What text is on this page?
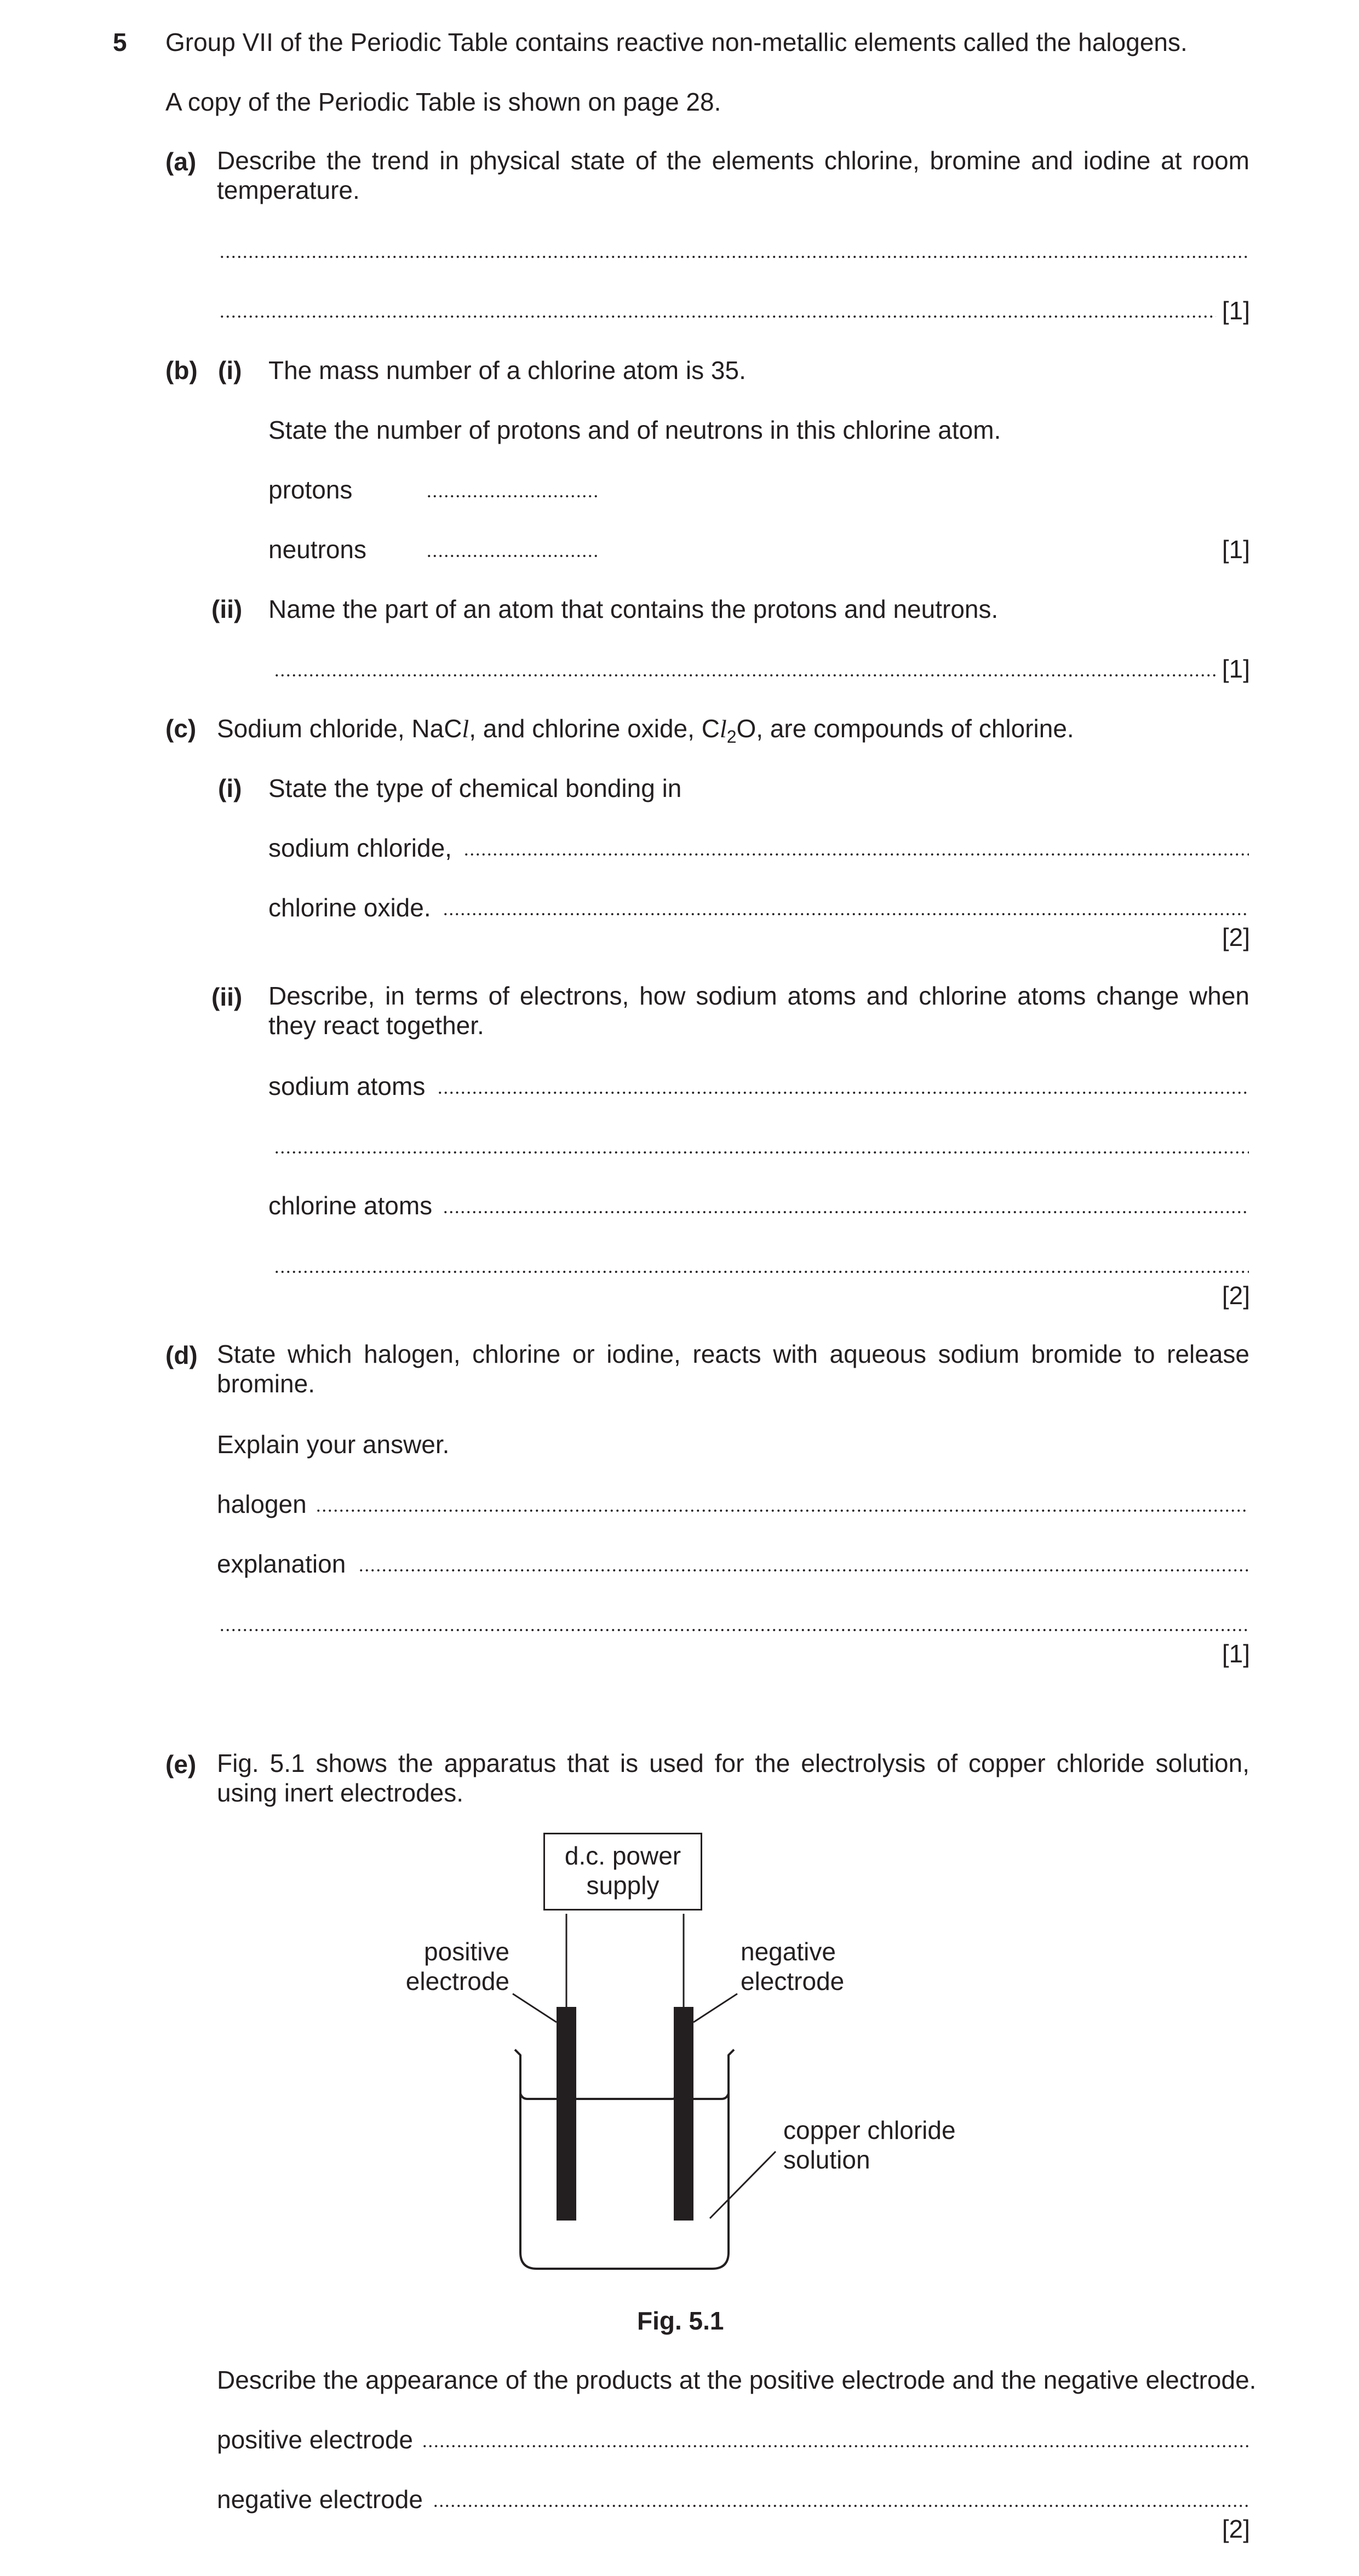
5 Group VII of the Periodic Table contains reactive non-metallic elements called the halogens.
A copy of the Periodic Table is shown on page 28.
(a) Describe the trend in physical state of the elements chlorine, bromine and iodine at room temperature.
[1]
(b) (i) The mass number of a chlorine atom is 35.
State the number of protons and of neutrons in this chlorine atom.
protons
neutrons	[1]
(ii) Name the part of an atom that contains the protons and neutrons.
[1]
(c) Sodium chloride, NaCl, and chlorine oxide, $Cl_2O$, are compounds of chlorine.
(i) State the type of chemical bonding in
sodium chloride,
chlorine oxide.
[2]
(ii) Describe, in terms of electrons, how sodium atoms and chlorine atoms change when they react together.
sodium atoms
chlorine atoms
[2]
(d) State which halogen, chlorine or iodine, reacts with aqueous sodium bromide to release bromine.
Explain your answer.
halogen
explanation
[1]
(e) Fig. 5.1 shows the apparatus that is used for the electrolysis of copper chloride solution, using inert electrodes.
d.c. power supply
positive electrode
negative electrode
copper chloride solution
Fig. 5.1
Describe the appearance of the products at the positive electrode and the negative electrode.
positive electrode
negative electrode
[2]
